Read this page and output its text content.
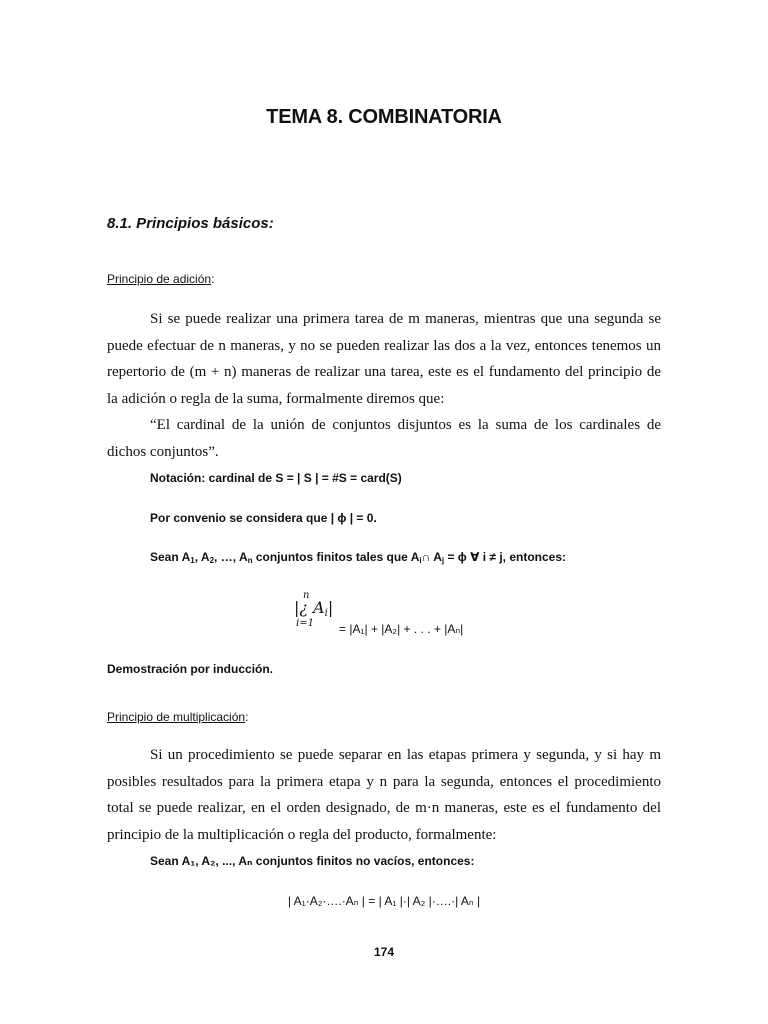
TEMA 8. COMBINATORIA
8.1. Principios básicos:
Principio de adición:
Si se puede realizar una primera tarea de m maneras, mientras que una segunda se
puede efectuar de n maneras, y no se pueden realizar las dos a la vez, entonces tenemos un
repertorio de (m + n) maneras de realizar una tarea, este es el fundamento del principio de
la adición o regla de la suma, formalmente diremos que:
“El cardinal de la unión de conjuntos disjuntos es la suma de los cardinales de
dichos conjuntos”.
Notación: cardinal de S = | S | = #S = card(S)
Por convenio se considera que | ϕ | = 0.
Sean $A_1$, $A_2$, …, $A_n$ conjuntos finitos tales que $A_i\cap$ $A_j = \phi$ ∀ i ≠ j, entonces:
n
|¿ Ai|
i=1 = |A₁| + |A₂| + . . . + |Aₙ|
Demostración por inducción.
Principio de multiplicación:
Si un procedimiento se puede separar en las etapas primera y segunda, y si hay m
posibles resultados para la primera etapa y n para la segunda, entonces el procedimiento
total se puede realizar, en el orden designado, de m·n maneras, este es el fundamento del
principio de la multiplicación o regla del producto, formalmente:
Sean A₁, A₂, ..., Aₙ conjuntos finitos no vacíos, entonces:
| A₁·A₂·….·Aₙ | = | A₁ |·| A₂ |·….·| Aₙ |
174
